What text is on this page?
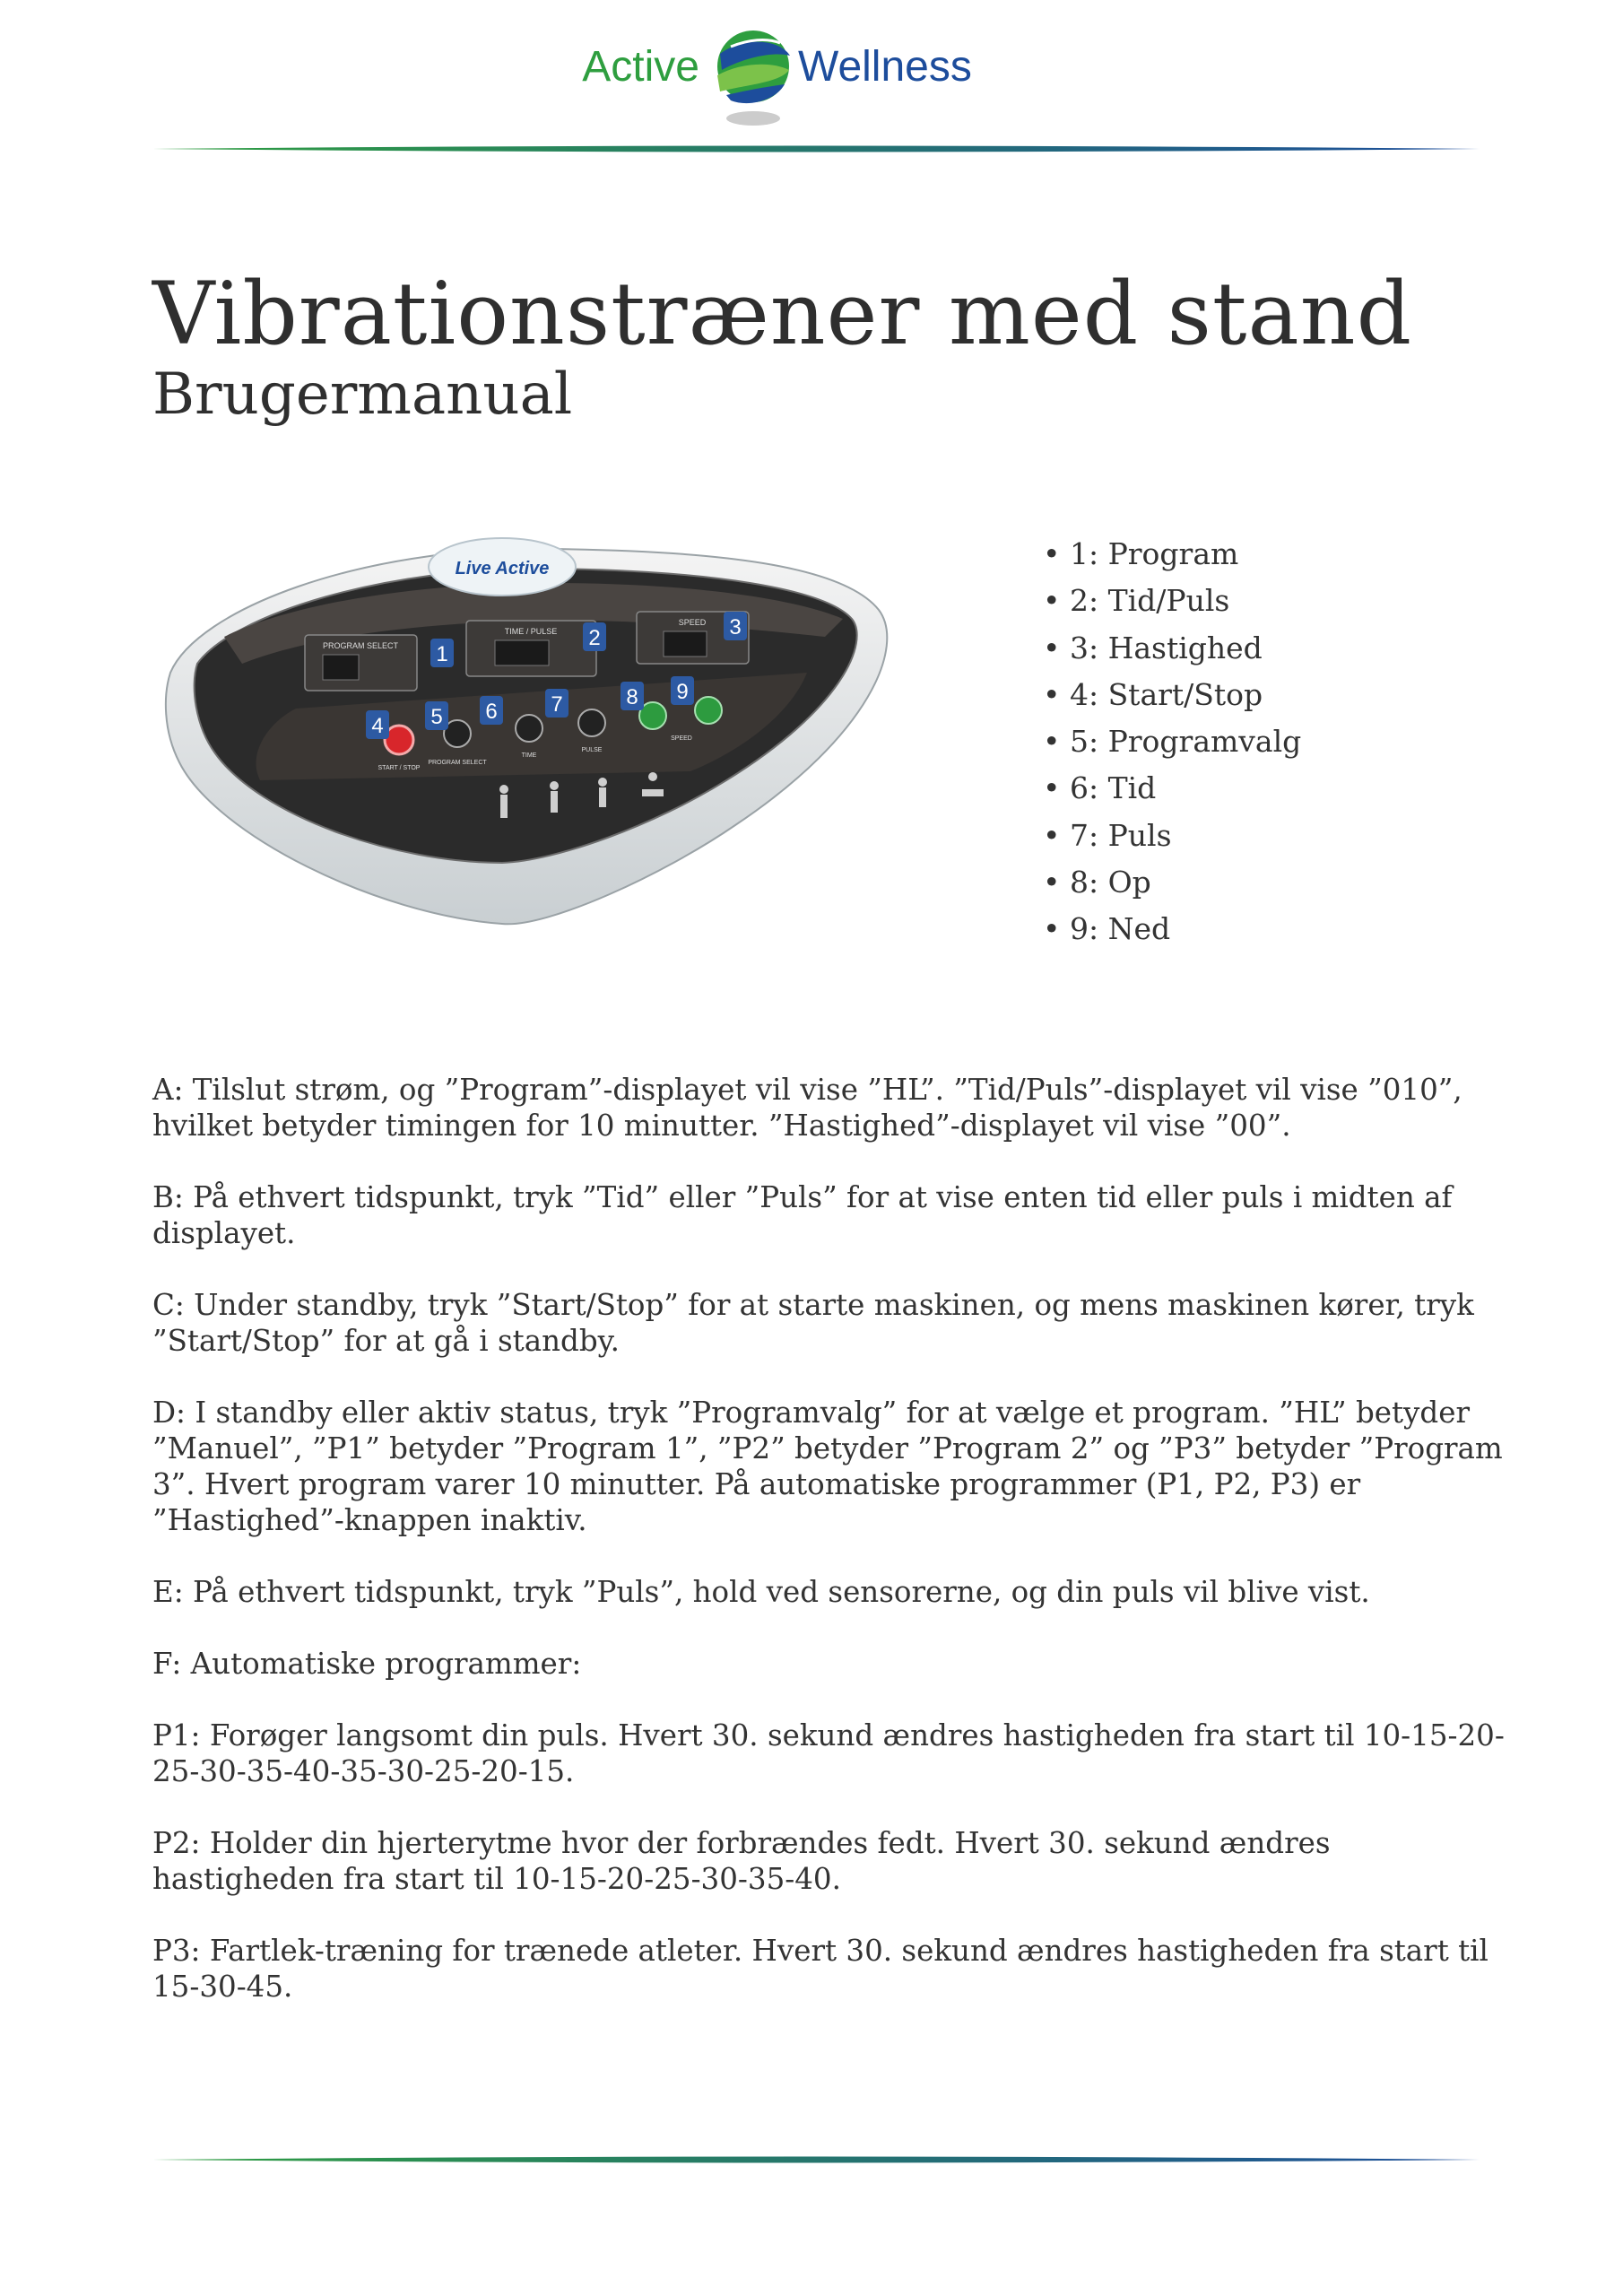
Active Wellness
Vibrationstræner med stand
Brugermanual
Live Active
PROGRAM SELECT
TIME / PULSE
SPEED
START / STOP
PROGRAM SELECT
TIME
PULSE
SPEED
1
2	3
4 5 6 7	8 9
• 1: Program
• 2: Tid/Puls
• 3: Hastighed
• 4: Start/Stop
• 5: Programvalg
• 6: Tid
• 7: Puls
• 8: Op
• 9: Ned

A: Tilslut strøm, og ”Program”-displayet vil vise ”HL”. ”Tid/Puls”-displayet vil vise ”010”, hvilket betyder timingen for 10 minutter. ”Hastighed”-displayet vil vise ”00”.

B: På ethvert tidspunkt, tryk ”Tid” eller ”Puls” for at vise enten tid eller puls i midten af displayet.

C: Under standby, tryk ”Start/Stop” for at starte maskinen, og mens maskinen kører, tryk ”Start/Stop” for at gå i standby.

D: I standby eller aktiv status, tryk ”Programvalg” for at vælge et program. ”HL” betyder ”Manuel”, ”P1” betyder ”Program 1”, ”P2” betyder ”Program 2” og ”P3” betyder ”Program 3”. Hvert program varer 10 minutter. På automatiske programmer (P1, P2, P3) er ”Hastighed”-knappen inaktiv.

E: På ethvert tidspunkt, tryk ”Puls”, hold ved sensorerne, og din puls vil blive vist.

F: Automatiske programmer:

P1: Forøger langsomt din puls. Hvert 30. sekund ændres hastigheden fra start til 10-15-20-25-30-35-40-35-30-25-20-15.

P2: Holder din hjerterytme hvor der forbrændes fedt. Hvert 30. sekund ændres hastigheden fra start til 10-15-20-25-30-35-40.

P3: Fartlek-træning for trænede atleter. Hvert 30. sekund ændres hastigheden fra start til 15-30-45.
